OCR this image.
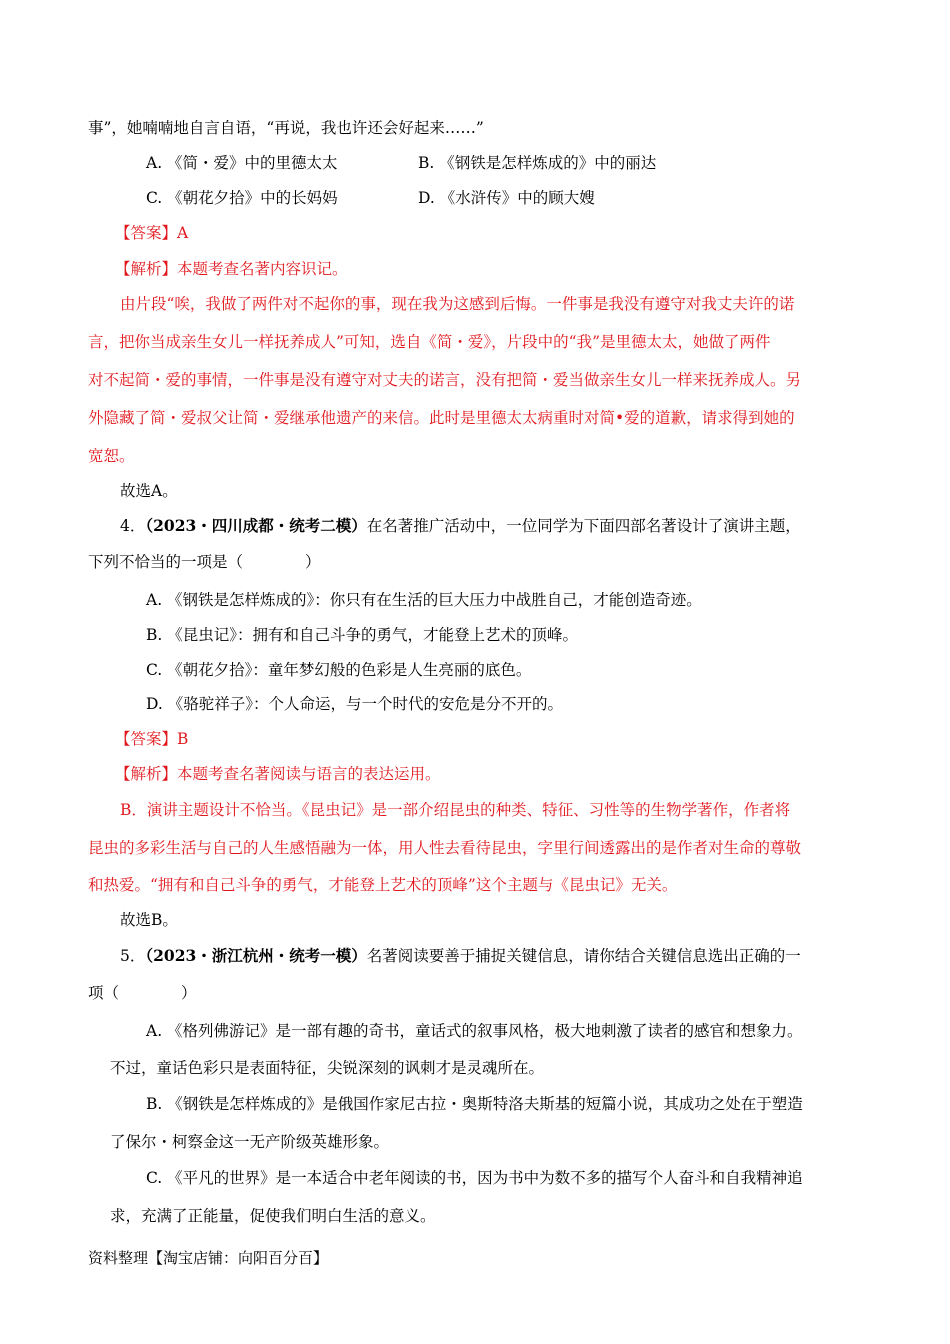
事”，她喃喃地自言自语，“再说，我也许还会好起来……”
A. 《简・爱》中的里德太太	B. 《钢铁是怎样炼成的》中的丽达
C. 《朝花夕拾》中的长妈妈	D. 《水浒传》中的顾大嫂
【答案】A
【解析】本题考查名著内容识记。
由片段“唉，我做了两件对不起你的事，现在我为这感到后悔。一件事是我没有遵守对我丈夫许的诺
言，把你当成亲生女儿一样抚养成人”可知，选自《简・爱》，片段中的“我”是里德太太，她做了两件
对不起简・爱的事情，一件事是没有遵守对丈夫的诺言，没有把简・爱当做亲生女儿一样来抚养成人。另
外隐藏了简・爱叔父让简・爱继承他遗产的来信。此时是里德太太病重时对简•爱的道歉，请求得到她的
宽恕。
故选A。
4．（2023・四川成都・统考二模）在名著推广活动中，一位同学为下面四部名著设计了演讲主题，
下列不恰当的一项是（　　　　）
A. 《钢铁是怎样炼成的》：你只有在生活的巨大压力中战胜自己，才能创造奇迹。
B. 《昆虫记》：拥有和自己斗争的勇气，才能登上艺术的顶峰。
C. 《朝花夕拾》：童年梦幻般的色彩是人生亮丽的底色。
D. 《骆驼祥子》：个人命运，与一个时代的安危是分不开的。
【答案】B
【解析】本题考查名著阅读与语言的表达运用。
B．演讲主题设计不恰当。《昆虫记》是一部介绍昆虫的种类、特征、习性等的生物学著作，作者将
昆虫的多彩生活与自己的人生感悟融为一体，用人性去看待昆虫，字里行间透露出的是作者对生命的尊敬
和热爱。“拥有和自己斗争的勇气，才能登上艺术的顶峰”这个主题与《昆虫记》无关。
故选B。
5．（2023・浙江杭州・统考一模）名著阅读要善于捕捉关键信息，请你结合关键信息选出正确的一
项（　　　　）
A. 《格列佛游记》是一部有趣的奇书，童话式的叙事风格，极大地刺激了读者的感官和想象力。
不过，童话色彩只是表面特征，尖锐深刻的讽刺才是灵魂所在。
B. 《钢铁是怎样炼成的》是俄国作家尼古拉・奥斯特洛夫斯基的短篇小说，其成功之处在于塑造
了保尔・柯察金这一无产阶级英雄形象。
C. 《平凡的世界》是一本适合中老年阅读的书，因为书中为数不多的描写个人奋斗和自我精神追
求，充满了正能量，促使我们明白生活的意义。
资料整理【淘宝店铺：向阳百分百】
